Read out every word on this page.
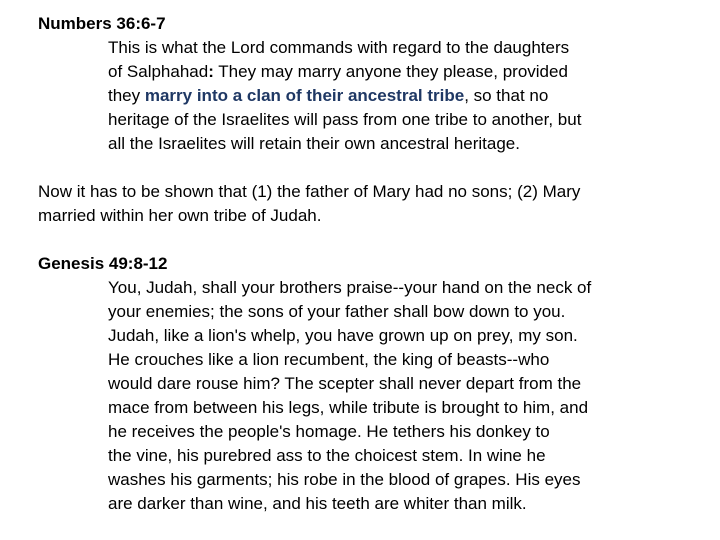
Numbers 36:6-7
This is what the Lord commands with regard to the daughters
of Salphahad: They may marry anyone they please, provided
they marry into a clan of their ancestral tribe, so that no
heritage of the Israelites will pass from one tribe to another, but
all the Israelites will retain their own ancestral heritage.
Now it has to be shown that (1) the father of Mary had no sons; (2) Mary
married within her own tribe of Judah.
Genesis 49:8-12
You, Judah, shall your brothers praise--your hand on the neck of
your enemies; the sons of your father shall bow down to you.
Judah, like a lion's whelp, you have grown up on prey, my son.
He crouches like a lion recumbent, the king of beasts--who
would dare rouse him? The scepter shall never depart from the
mace from between his legs, while tribute is brought to him, and
he receives the people's homage. He tethers his donkey to
the vine, his purebred ass to the choicest stem. In wine he
washes his garments; his robe in the blood of grapes. His eyes
are darker than wine, and his teeth are whiter than milk.
